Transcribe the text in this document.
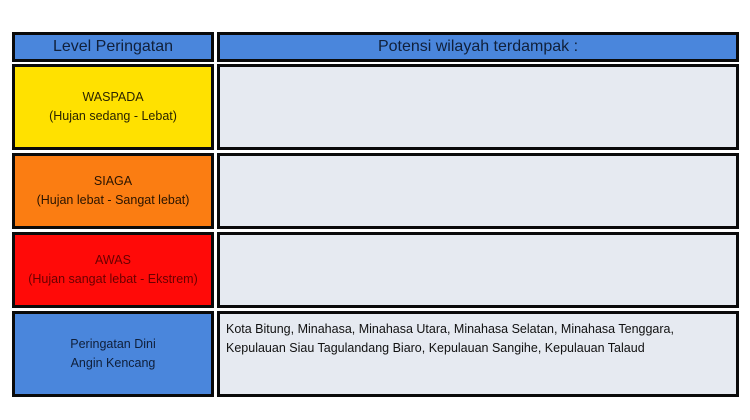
Level Peringatan	Potensi wilayah terdampak :
WASPADA
(Hujan sedang - Lebat)
SIAGA
(Hujan lebat - Sangat lebat)
AWAS
(Hujan sangat lebat - Ekstrem)
Peringatan Dini
Angin Kencang
Kota Bitung, Minahasa, Minahasa Utara, Minahasa Selatan, Minahasa Tenggara, Kepulauan Siau Tagulandang Biaro, Kepulauan Sangihe, Kepulauan Talaud
